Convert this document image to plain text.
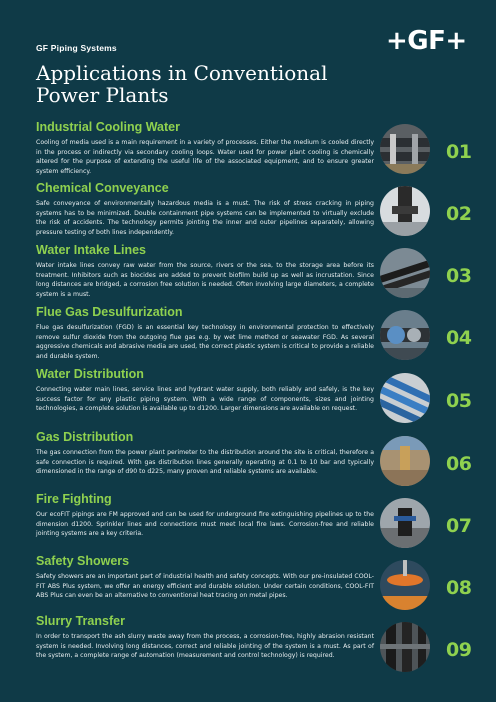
GF Piping Systems	+GF+
Applications in Conventional
Power Plants
Industrial Cooling Water

Cooling of media used is a main requirement in a variety of processes. Either the medium is cooled directly in the process or indirectly via secondary cooling loops. Water used for power plant cooling is chemically altered for the purpose of extending the useful life of the associated equipment, and to ensure greater system efficiency.

01
Chemical Conveyance

Safe conveyance of environmentally hazardous media is a must. The risk of stress cracking in piping systems has to be minimized. Double containment pipe systems can be implemented to virtually exclude the risk of accidents. The technology permits jointing the inner and outer pipelines separately, allowing pressure testing of both lines independently.

02
Water Intake Lines

Water intake lines convey raw water from the source, rivers or the sea, to the storage area before its treatment. Inhibitors such as biocides are added to prevent biofilm build up as well as incrustation. Since long distances are bridged, a corrosion free solution is needed. Often involving large diameters, a complete system is a must.

03
Flue Gas Desulfurization

Flue gas desulfurization (FGD) is an essential key technology in environmental protection to effectively remove sulfur dioxide from the outgoing flue gas e.g. by wet lime method or seawater FGD. As several aggressive chemicals and abrasive media are used, the correct plastic system is critical to provide a reliable and durable system.

04
Water Distribution

Connecting water main lines, service lines and hydrant water supply, both reliably and safely, is the key success factor for any plastic piping system. With a wide range of components, sizes and jointing technologies, a complete solution is available up to d1200. Larger dimensions are available on request.	05
Gas Distribution

The gas connection from the power plant perimeter to the distribution around the site is critical, therefore a safe connection is required. With gas distribution lines generally operating at 0.1 to 10 bar and typically dimensioned in the range of d90 to d225, many proven and reliable systems are available.	06
Fire Fighting

Our ecoFIT pipings are FM approved and can be used for underground fire extinguishing pipelines up to the dimension d1200. Sprinkler lines and connections must meet local fire laws. Corrosion-free and reliable jointing systems are a key criteria.	07
Safety Showers

Safety showers are an important part of industrial health and safety concepts. With our pre-insulated COOL-FIT ABS Plus system, we offer an energy efficient and durable solution. Under certain conditions, COOL-FIT ABS Plus can even be an alternative to conventional heat tracing on metal pipes.	08
Slurry Transfer

In order to transport the ash slurry waste away from the process, a corrosion-free, highly abrasion resistant system is needed. Involving long distances, correct and reliable jointing of the system is a must. As part of the system, a complete range of automation (measurement and control technology) is required.	09
